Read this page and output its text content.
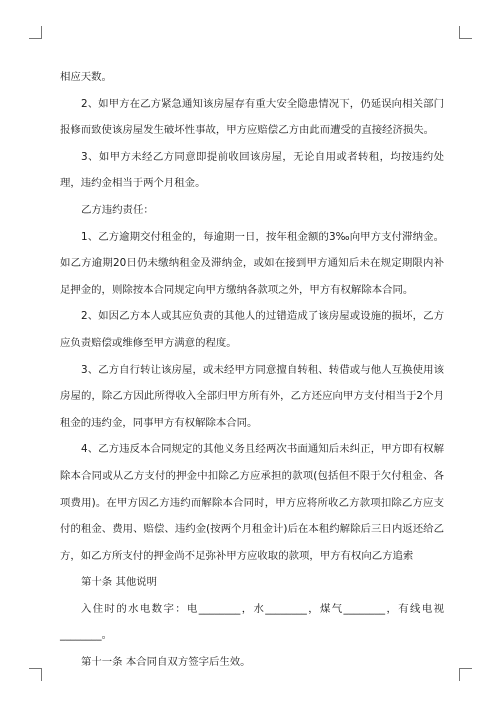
相应天数。

2、如甲方在乙方紧急通知该房屋存有重大安全隐患情况下，仍延误向相关部门报修而致使该房屋发生破坏性事故，甲方应赔偿乙方由此而遭受的直接经济损失。

3、如甲方未经乙方同意即提前收回该房屋，无论自用或者转租，均按违约处理，违约金相当于两个月租金。

乙方违约责任：

1、乙方逾期交付租金的，每逾期一日，按年租金额的3‰向甲方支付滞纳金。如乙方逾期20日仍未缴纳租金及滞纳金，或如在接到甲方通知后未在规定期限内补足押金的，则除按本合同规定向甲方缴纳各款项之外，甲方有权解除本合同。

2、如因乙方本人或其应负责的其他人的过错造成了该房屋或设施的损坏，乙方应负责赔偿或维修至甲方满意的程度。

3、乙方自行转让该房屋，或未经甲方同意擅自转租、转借或与他人互换使用该房屋的，除乙方因此所得收入全部归甲方所有外，乙方还应向甲方支付相当于2个月租金的违约金，同事甲方有权解除本合同。

4、乙方违反本合同规定的其他义务且经两次书面通知后未纠正，甲方即有权解除本合同或从乙方支付的押金中扣除乙方应承担的款项(包括但不限于欠付租金、各项费用)。在甲方因乙方违约而解除本合同时，甲方应将所收乙方款项扣除乙方应支付的租金、费用、赔偿、违约金(按两个月租金计)后在本租约解除后三日内返还给乙方，如乙方所支付的押金尚不足弥补甲方应收取的款项，甲方有权向乙方追索

第十条 其他说明

入住时的水电数字：电________，水________，煤气________，有线电视________。

第十一条 本合同自双方签字后生效。
